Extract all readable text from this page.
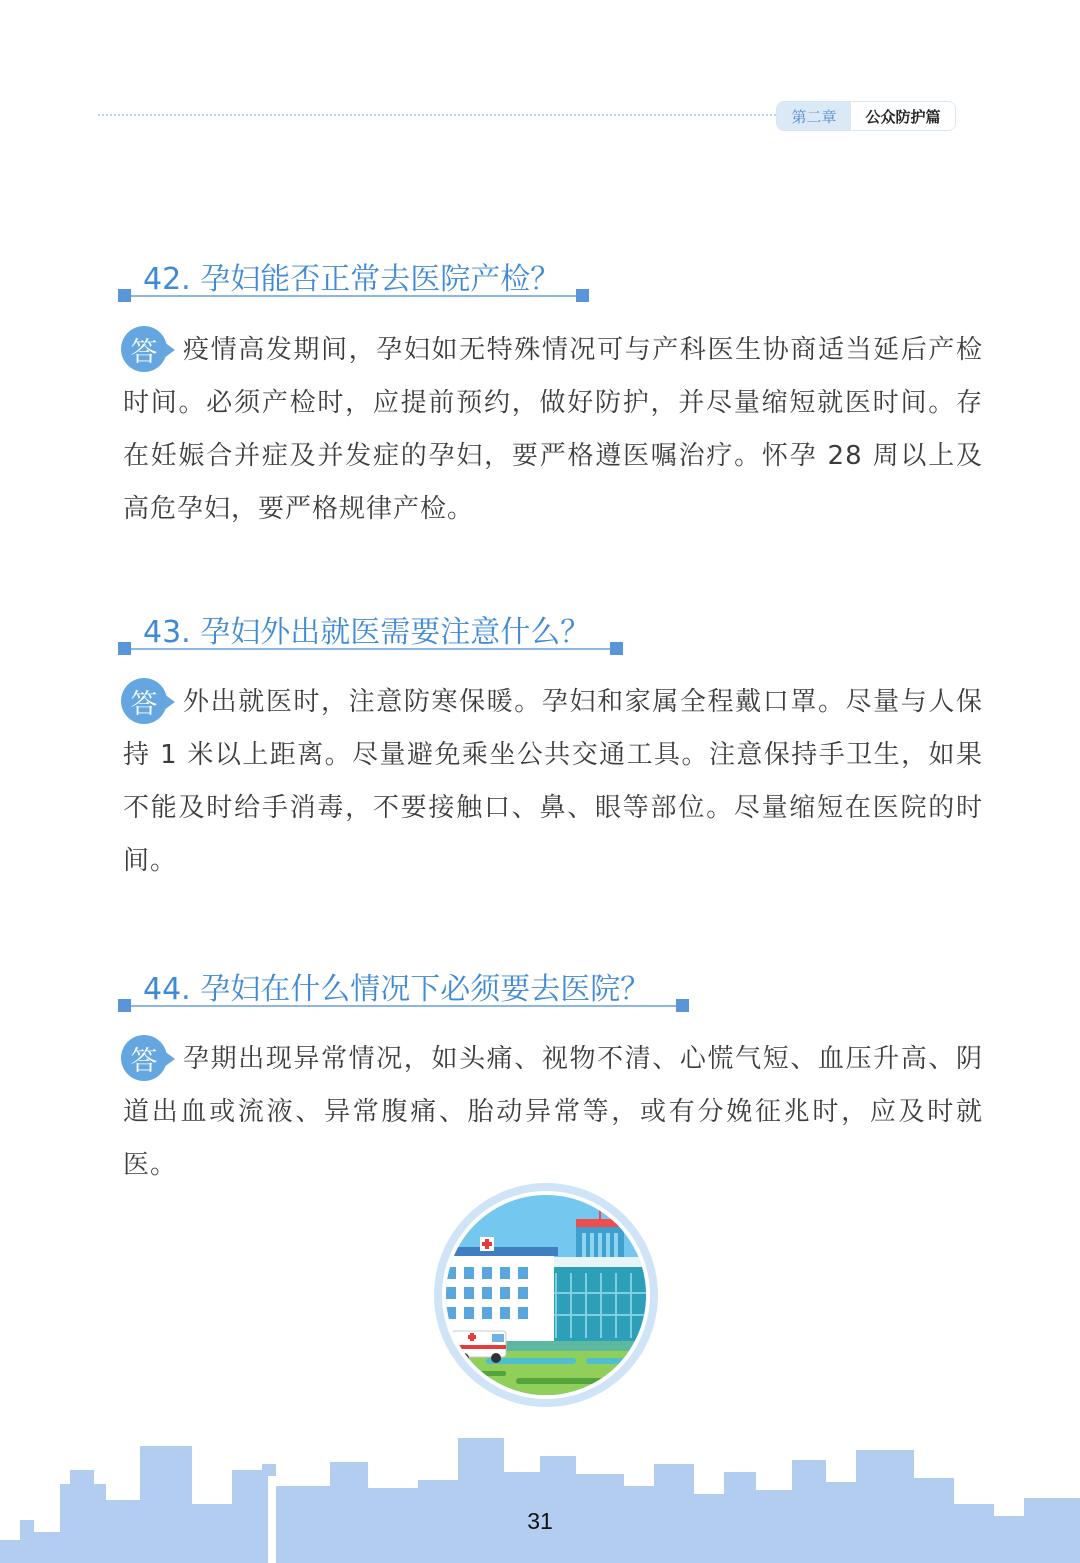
第二章	公众防护篇
42. 孕妇能否正常去医院产检？
答 疫情高发期间，孕妇如无特殊情况可与产科医生协商适当延后产检时间。必须产检时，应提前预约，做好防护，并尽量缩短就医时间。存在妊娠合并症及并发症的孕妇，要严格遵医嘱治疗。怀孕 28 周以上及高危孕妇，要严格规律产检。
43. 孕妇外出就医需要注意什么？
答 外出就医时，注意防寒保暖。孕妇和家属全程戴口罩。尽量与人保持 1 米以上距离。尽量避免乘坐公共交通工具。注意保持手卫生，如果不能及时给手消毒，不要接触口、鼻、眼等部位。尽量缩短在医院的时间。
44. 孕妇在什么情况下必须要去医院？
答 孕期出现异常情况，如头痛、视物不清、心慌气短、血压升高、阴道出血或流液、异常腹痛、胎动异常等，或有分娩征兆时，应及时就医。
31
